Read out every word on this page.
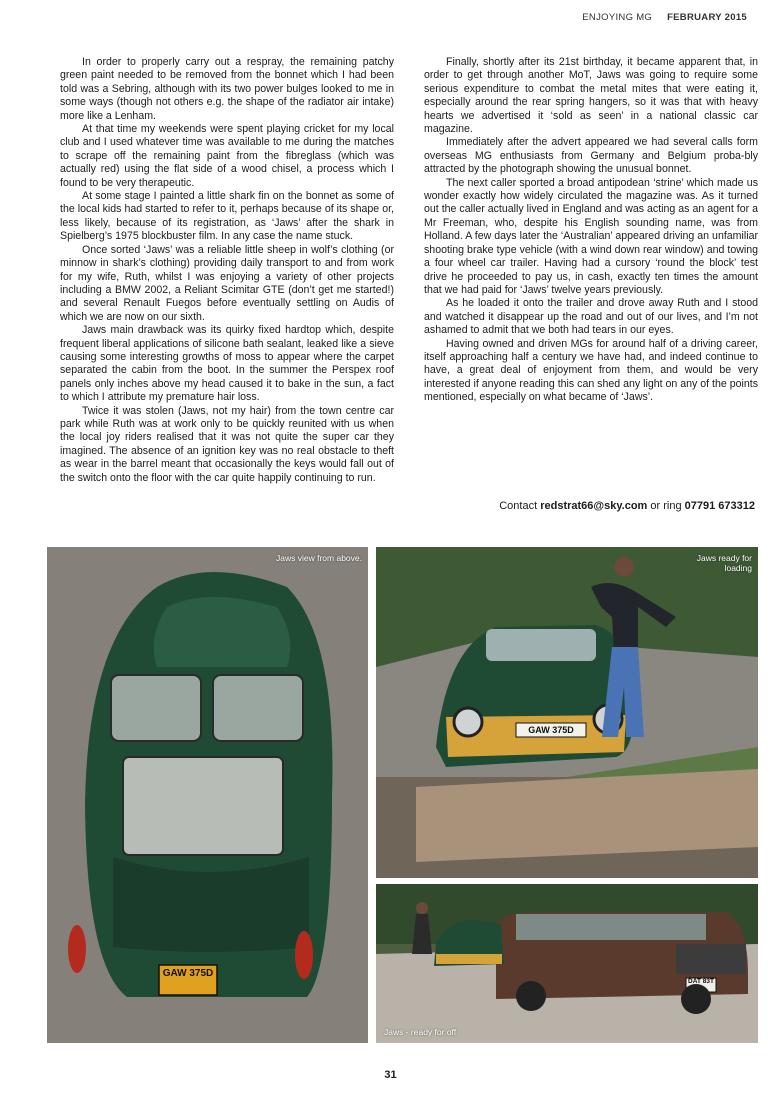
ENJOYING MG FEBRUARY 2015

In order to properly carry out a respray, the remaining patchy green paint needed to be removed from the bonnet which I had been told was a Sebring, although with its two power bulges looked to me in some ways (though not others e.g. the shape of the radiator air intake) more like a Lenham.

At that time my weekends were spent playing cricket for my local club and I used whatever time was available to me during the matches to scrape off the remaining paint from the fibreglass (which was actually red) using the flat side of a wood chisel, a process which I found to be very therapeutic.

At some stage I painted a little shark fin on the bonnet as some of the local kids had started to refer to it, perhaps because of its shape or, less likely, because of its registration, as ‘Jaws’ after the shark in Spielberg’s 1975 blockbuster film. In any case the name stuck.

Once sorted ‘Jaws’ was a reliable little sheep in wolf’s clothing (or minnow in shark’s clothing) providing daily transport to and from work for my wife, Ruth, whilst I was enjoying a variety of other projects including a BMW 2002, a Reliant Scimitar GTE (don’t get me started!) and several Renault Fuegos before eventually settling on Audis of which we are now on our sixth.

Jaws main drawback was its quirky fixed hardtop which, despite frequent liberal applications of silicone bath sealant, leaked like a sieve causing some interesting growths of moss to appear where the carpet separated the cabin from the boot. In the summer the Perspex roof panels only inches above my head caused it to bake in the sun, a fact to which I attribute my premature hair loss.

Twice it was stolen (Jaws, not my hair) from the town centre car park while Ruth was at work only to be quickly reunited with us when the local joy riders realised that it was not quite the super car they imagined. The absence of an ignition key was no real obstacle to theft as wear in the barrel meant that occasionally the keys would fall out of the switch onto the floor with the car quite happily continuing to run.

Finally, shortly after its 21st birthday, it became apparent that, in order to get through another MoT, Jaws was going to require some serious expenditure to combat the metal mites that were eating it, especially around the rear spring hangers, so it was that with heavy hearts we advertised it ‘sold as seen’ in a national classic car magazine.

Immediately after the advert appeared we had several calls form overseas MG enthusiasts from Germany and Belgium proba-bly attracted by the photograph showing the unusual bonnet.

The next caller sported a broad antipodean ‘strine’ which made us wonder exactly how widely circulated the magazine was. As it turned out the caller actually lived in England and was acting as an agent for a Mr Freeman, who, despite his English sounding name, was from Holland. A few days later the ‘Australian’ appeared driving an unfamiliar shooting brake type vehicle (with a wind down rear window) and towing a four wheel car trailer. Having had a cursory ‘round the block’ test drive he proceeded to pay us, in cash, exactly ten times the amount that we had paid for ‘Jaws’ twelve years previously.

As he loaded it onto the trailer and drove away Ruth and I stood and watched it disappear up the road and out of our lives, and I’m not ashamed to admit that we both had tears in our eyes.

Having owned and driven MGs for around half of a driving career, itself approaching half a century we have had, and indeed continue to have, a great deal of enjoyment from them, and would be very interested if anyone reading this can shed any light on any of the points mentioned, especially on what became of ‘Jaws’.

Contact redstrat66@sky.com or ring 07791 673312
Jaws view from above.
GAW 375D
Jaws ready for loading
GAW 375D
DAT 83T
Jaws - ready for off
31
